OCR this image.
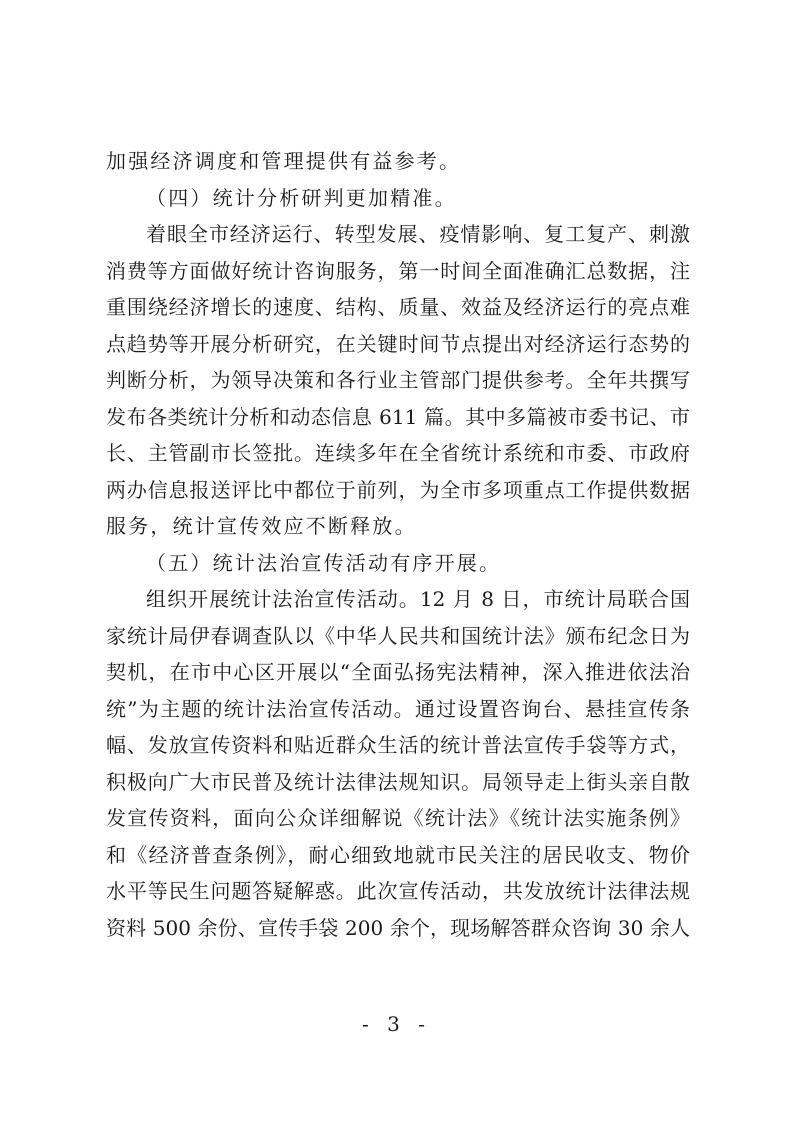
加强经济调度和管理提供有益参考。
（四）统计分析研判更加精准。
着眼全市经济运行、转型发展、疫情影响、复工复产、刺激
消费等方面做好统计咨询服务，第一时间全面准确汇总数据，注
重围绕经济增长的速度、结构、质量、效益及经济运行的亮点难
点趋势等开展分析研究，在关键时间节点提出对经济运行态势的
判断分析，为领导决策和各行业主管部门提供参考。全年共撰写
发布各类统计分析和动态信息 611 篇。其中多篇被市委书记、市
长、主管副市长签批。连续多年在全省统计系统和市委、市政府
两办信息报送评比中都位于前列，为全市多项重点工作提供数据
服务，统计宣传效应不断释放。
（五）统计法治宣传活动有序开展。
组织开展统计法治宣传活动。12 月 8 日，市统计局联合国
家统计局伊春调查队以《中华人民共和国统计法》颁布纪念日为
契机，在市中心区开展以“全面弘扬宪法精神，深入推进依法治
统”为主题的统计法治宣传活动。通过设置咨询台、悬挂宣传条
幅、发放宣传资料和贴近群众生活的统计普法宣传手袋等方式，
积极向广大市民普及统计法律法规知识。局领导走上街头亲自散
发宣传资料，面向公众详细解说《统计法》《统计法实施条例》
和《经济普查条例》，耐心细致地就市民关注的居民收支、物价
水平等民生问题答疑解惑。此次宣传活动，共发放统计法律法规
资料 500 余份、宣传手袋 200 余个，现场解答群众咨询 30 余人
- 3 -
